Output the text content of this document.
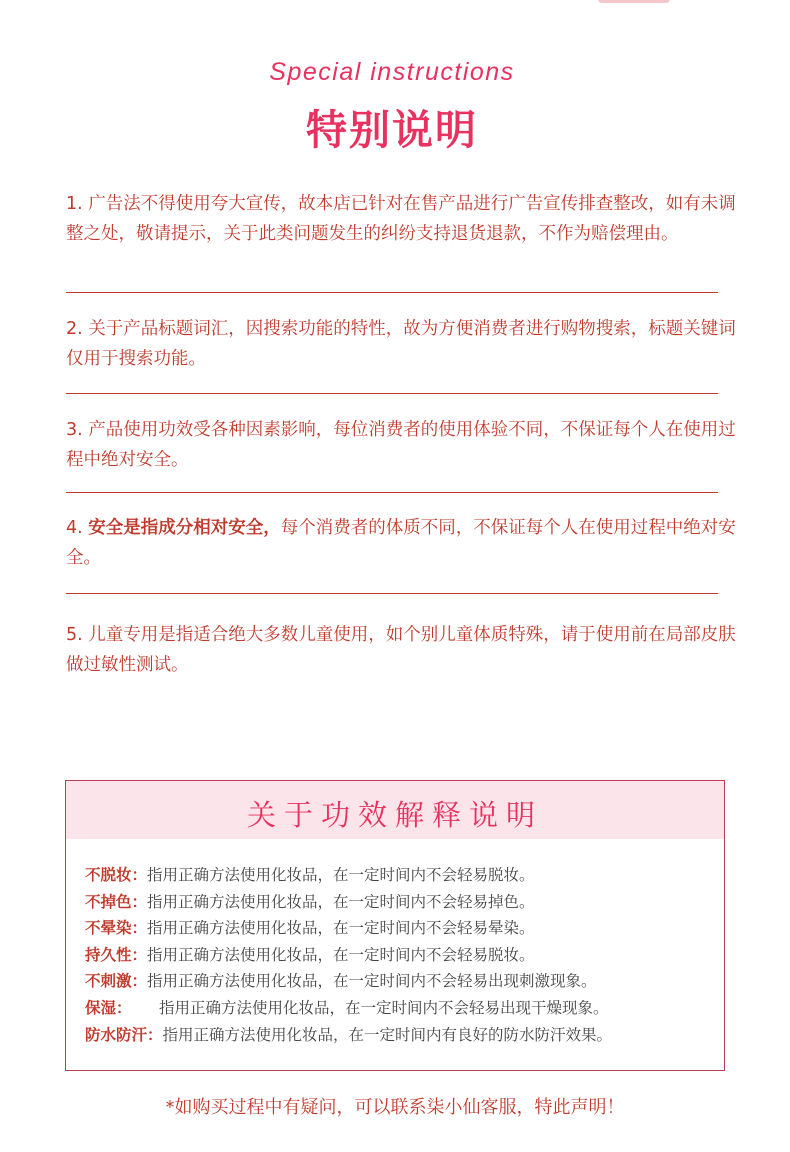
Special instructions
特别说明
1. 广告法不得使用夸大宣传，故本店已针对在售产品进行广告宣传排查整改，如有未调整之处，敬请提示，关于此类问题发生的纠纷支持退货退款，不作为赔偿理由。
2. 关于产品标题词汇，因搜索功能的特性，故为方便消费者进行购物搜索，标题关键词仅用于搜索功能。
3. 产品使用功效受各种因素影响，每位消费者的使用体验不同，不保证每个人在使用过程中绝对安全。
4. 安全是指成分相对安全，每个消费者的体质不同，不保证每个人在使用过程中绝对安全。
5. 儿童专用是指适合绝大多数儿童使用，如个别儿童体质特殊，请于使用前在局部皮肤做过敏性测试。
关于功效解释说明
不脱妆：指用正确方法使用化妆品，在一定时间内不会轻易脱妆。
不掉色：指用正确方法使用化妆品，在一定时间内不会轻易掉色。
不晕染：指用正确方法使用化妆品，在一定时间内不会轻易晕染。
持久性：指用正确方法使用化妆品，在一定时间内不会轻易脱妆。
不刺激：指用正确方法使用化妆品，在一定时间内不会轻易出现刺激现象。
保湿： 指用正确方法使用化妆品，在一定时间内不会轻易出现干燥现象。
防水防汗：指用正确方法使用化妆品，在一定时间内有良好的防水防汗效果。
*如购买过程中有疑问，可以联系柒小仙客服，特此声明！
